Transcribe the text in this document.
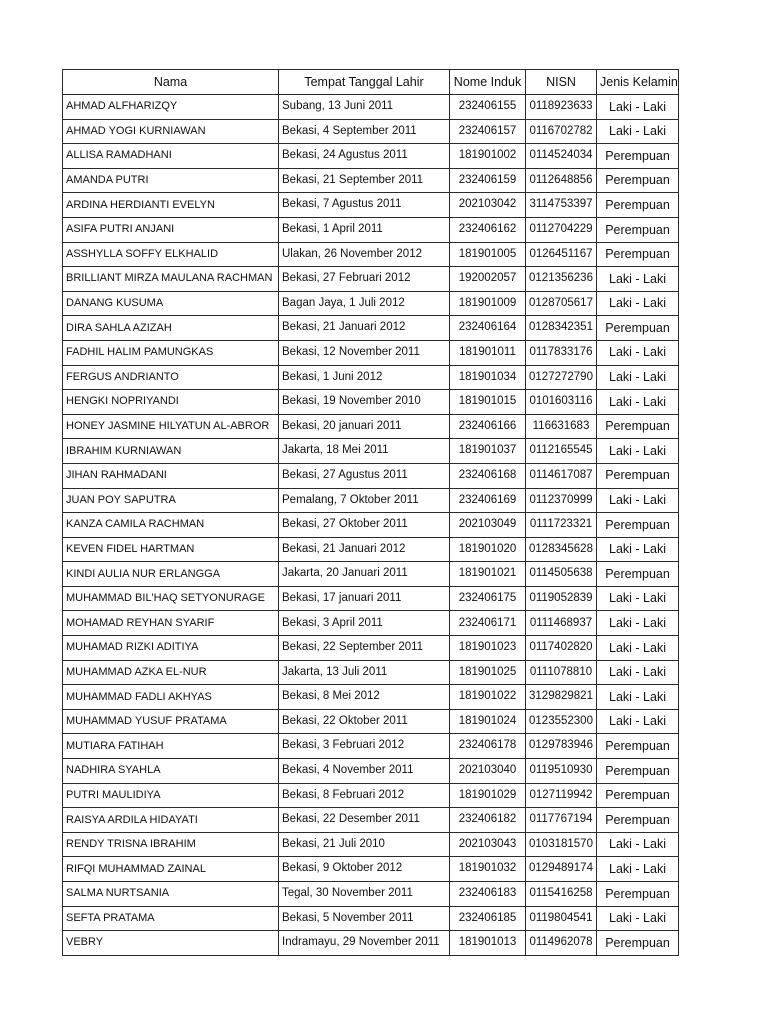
Nama	Tempat Tanggal Lahir	Nome Induk	NISN	Jenis Kelamin
AHMAD ALFHARIZQY	Subang, 13 Juni 2011	232406155	0118923633	Laki - Laki
AHMAD YOGI KURNIAWAN	Bekasi, 4 September 2011	232406157	0116702782	Laki - Laki
ALLISA RAMADHANI	Bekasi, 24 Agustus 2011	181901002	0114524034	Perempuan
AMANDA PUTRI	Bekasi, 21 September 2011	232406159	0112648856	Perempuan
ARDINA HERDIANTI EVELYN	Bekasi, 7 Agustus 2011	202103042	3114753397	Perempuan
ASIFA PUTRI ANJANI	Bekasi, 1 April 2011	232406162	0112704229	Perempuan
ASSHYLLA SOFFY ELKHALID	Ulakan, 26 November 2012	181901005	0126451167	Perempuan
BRILLIANT MIRZA MAULANA RACHMAN	Bekasi, 27 Februari 2012	192002057	0121356236	Laki - Laki
DANANG KUSUMA	Bagan Jaya, 1 Juli 2012	181901009	0128705617	Laki - Laki
DIRA SAHLA AZIZAH	Bekasi, 21 Januari 2012	232406164	0128342351	Perempuan
FADHIL HALIM PAMUNGKAS	Bekasi, 12 November 2011	181901011	0117833176	Laki - Laki
FERGUS ANDRIANTO	Bekasi, 1 Juni 2012	181901034	0127272790	Laki - Laki
HENGKI NOPRIYANDI	Bekasi, 19 November 2010	181901015	0101603116	Laki - Laki
HONEY JASMINE HILYATUN AL-ABROR	Bekasi, 20 januari 2011	232406166	116631683	Perempuan
IBRAHIM KURNIAWAN	Jakarta, 18 Mei 2011	181901037	0112165545	Laki - Laki
JIHAN RAHMADANI	Bekasi, 27 Agustus 2011	232406168	0114617087	Perempuan
JUAN POY SAPUTRA	Pemalang, 7 Oktober 2011	232406169	0112370999	Laki - Laki
KANZA CAMILA RACHMAN	Bekasi, 27 Oktober 2011	202103049	0111723321	Perempuan
KEVEN FIDEL HARTMAN	Bekasi, 21 Januari 2012	181901020	0128345628	Laki - Laki
KINDI AULIA NUR ERLANGGA	Jakarta, 20 Januari 2011	181901021	0114505638	Perempuan
MUHAMMAD BIL'HAQ SETYONURAGE	Bekasi, 17 januari 2011	232406175	0119052839	Laki - Laki
MOHAMAD REYHAN SYARIF	Bekasi, 3 April 2011	232406171	0111468937	Laki - Laki
MUHAMAD RIZKI ADITIYA	Bekasi, 22 September 2011	181901023	0117402820	Laki - Laki
MUHAMMAD AZKA EL-NUR	Jakarta, 13 Juli 2011	181901025	0111078810	Laki - Laki
MUHAMMAD FADLI AKHYAS	Bekasi, 8 Mei 2012	181901022	3129829821	Laki - Laki
MUHAMMAD YUSUF PRATAMA	Bekasi, 22 Oktober 2011	181901024	0123552300	Laki - Laki
MUTIARA FATIHAH	Bekasi, 3 Februari 2012	232406178	0129783946	Perempuan
NADHIRA SYAHLA	Bekasi, 4 November 2011	202103040	0119510930	Perempuan
PUTRI MAULIDIYA	Bekasi, 8 Februari 2012	181901029	0127119942	Perempuan
RAISYA ARDILA HIDAYATI	Bekasi, 22 Desember 2011	232406182	0117767194	Perempuan
RENDY TRISNA IBRAHIM	Bekasi, 21 Juli 2010	202103043	0103181570	Laki - Laki
RIFQI MUHAMMAD ZAINAL	Bekasi, 9 Oktober 2012	181901032	0129489174	Laki - Laki
SALMA NURTSANIA	Tegal, 30 November 2011	232406183	0115416258	Perempuan
SEFTA PRATAMA	Bekasi, 5 November 2011	232406185	0119804541	Laki - Laki
VEBRY	Indramayu, 29 November 2011	181901013	0114962078	Perempuan
